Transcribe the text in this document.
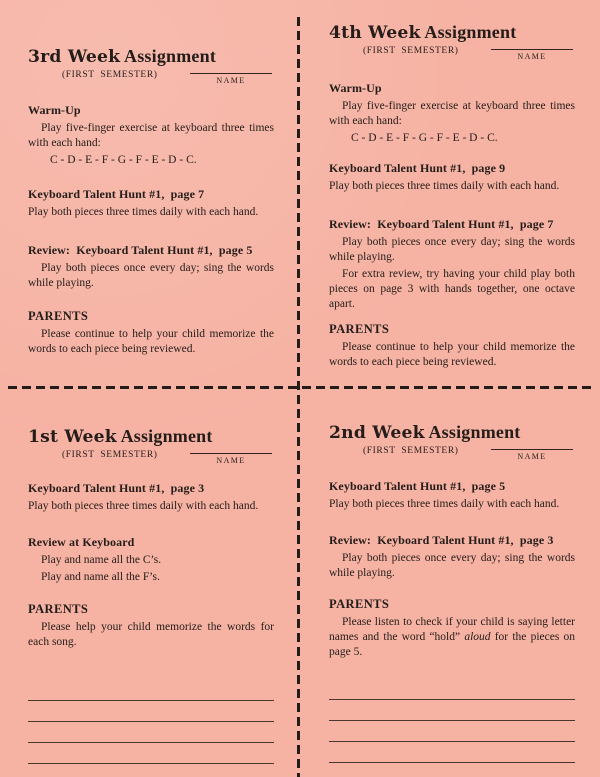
3rd Week Assignment
(FIRST  SEMESTER)
NAME
Warm-Up

Play five-finger exercise at keyboard three times with each hand:

C - D - E - F - G - F - E - D - C.

Keyboard Talent Hunt #1,  page 7

Play both pieces three times daily with each hand.

Review:  Keyboard Talent Hunt #1,  page 5

Play both pieces once every day; sing the words while playing.

PARENTS

Please continue to help your child memorize the words to each piece being reviewed.

4th Week Assignment
(FIRST  SEMESTER)
NAME
Warm-Up

Play five-finger exercise at keyboard three times with each hand:

C - D - E - F - G - F - E - D - C.

Keyboard Talent Hunt #1,  page 9

Play both pieces three times daily with each hand.

Review:  Keyboard Talent Hunt #1,  page 7

Play both pieces once every day; sing the words while playing.

For extra review, try having your child play both pieces on page 3 with hands together, one octave apart.

PARENTS

Please continue to help your child memorize the words to each piece being reviewed.

1st Week Assignment
(FIRST  SEMESTER)
NAME
Keyboard Talent Hunt #1,  page 3

Play both pieces three times daily with each hand.

Review at Keyboard

Play and name all the C’s.

Play and name all the F’s.

PARENTS

Please help your child memorize the words for each song.

2nd Week Assignment
(FIRST  SEMESTER)
NAME
Keyboard Talent Hunt #1,  page 5

Play both pieces three times daily with each hand.

Review:  Keyboard Talent Hunt #1,  page 3

Play both pieces once every day; sing the words while playing.

PARENTS

Please listen to check if your child is saying letter names and the word “hold” aloud for the pieces on page 5.
